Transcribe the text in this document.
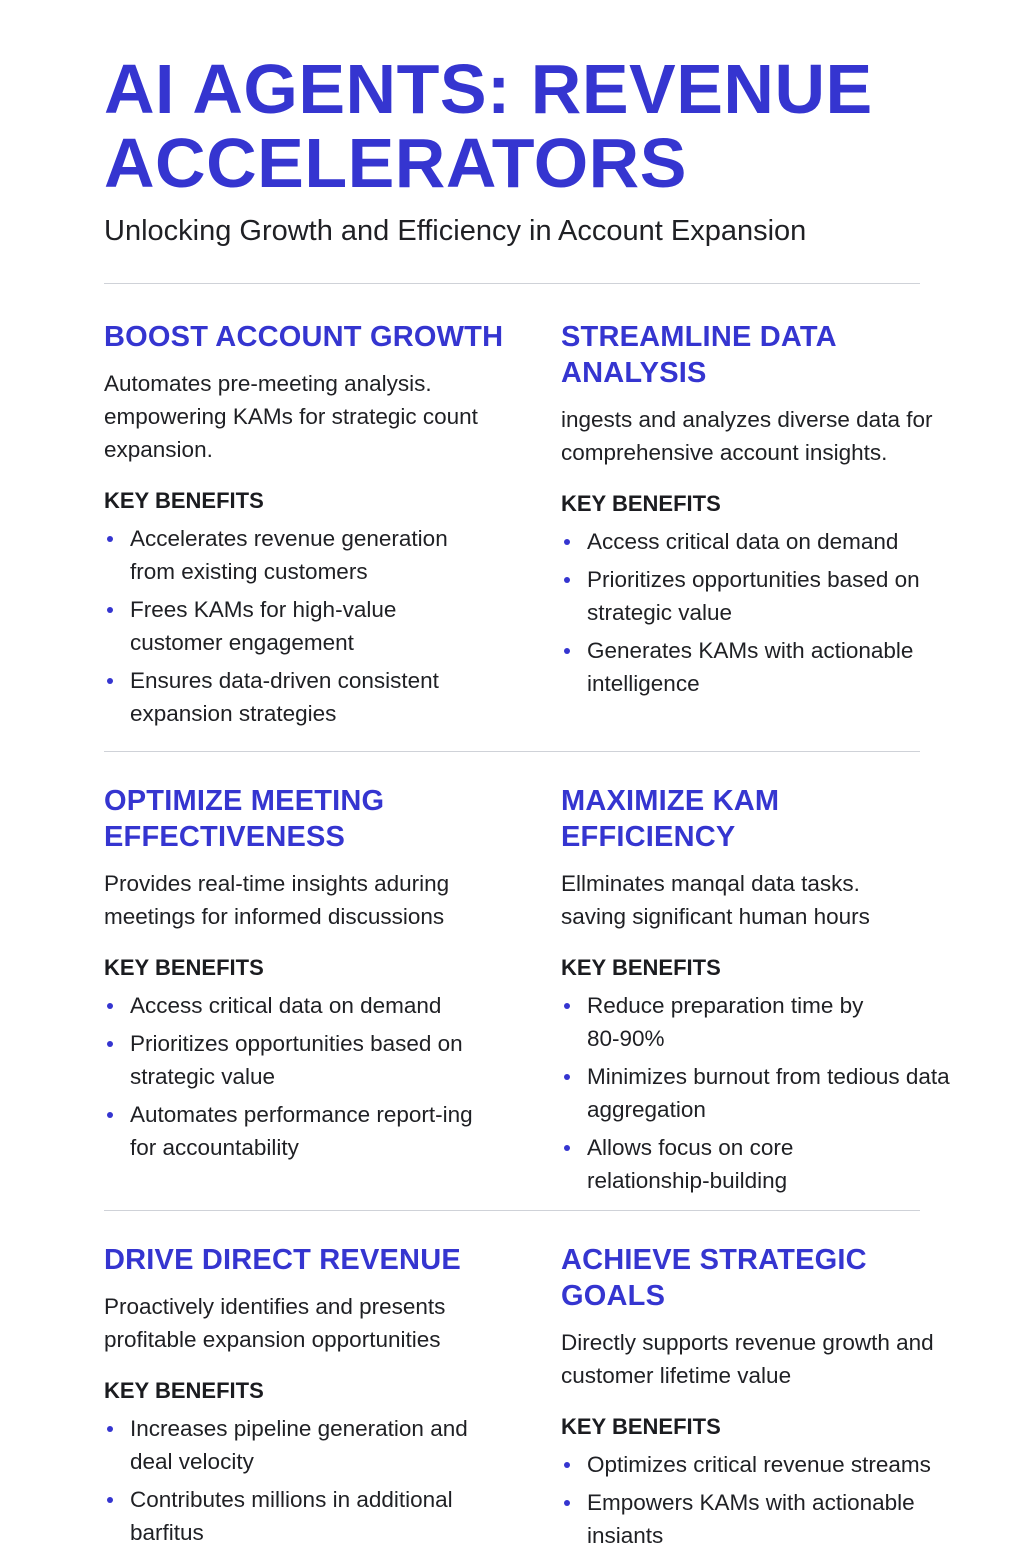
AI AGENTS: REVENUE ACCELERATORS

Unlocking Growth and Efficiency in Account Expansion

BOOST ACCOUNT GROWTH

Automates pre-meeting analysis. empowering KAMs for strategic count expansion.

KEY BENEFITS

Accelerates revenue generation from existing customers
Frees KAMs for high-value customer engagement
Ensures data-driven consistent expansion strategies
STREAMLINE DATA ANALYSIS

ingests and analyzes diverse data for comprehensive account insights.

KEY BENEFITS

Access critical data on demand
Prioritizes opportunities based on strategic value
Generates KAMs with actionable intelligence
OPTIMIZE MEETING EFFECTIVENESS

Provides real-time insights aduring meetings for informed discussions

KEY BENEFITS

Access critical data on demand
Prioritizes opportunities based on strategic value
Automates performance report-ing for accountability
MAXIMIZE KAM EFFICIENCY

Ellminates manqal data tasks. saving significant human hours

KEY BENEFITS

Reduce preparation time by 80-90%
Minimizes burnout from tedious data aggregation
Allows focus on core relationship-building
DRIVE DIRECT REVENUE

Proactively identifies and presents profitable expansion opportunities

KEY BENEFITS

Increases pipeline generation and deal velocity
Contributes millions in additional barfitus
ACHIEVE STRATEGIC GOALS

Directly supports revenue growth and customer lifetime value

KEY BENEFITS

Optimizes critical revenue streams
Empowers KAMs with actionable insiants
